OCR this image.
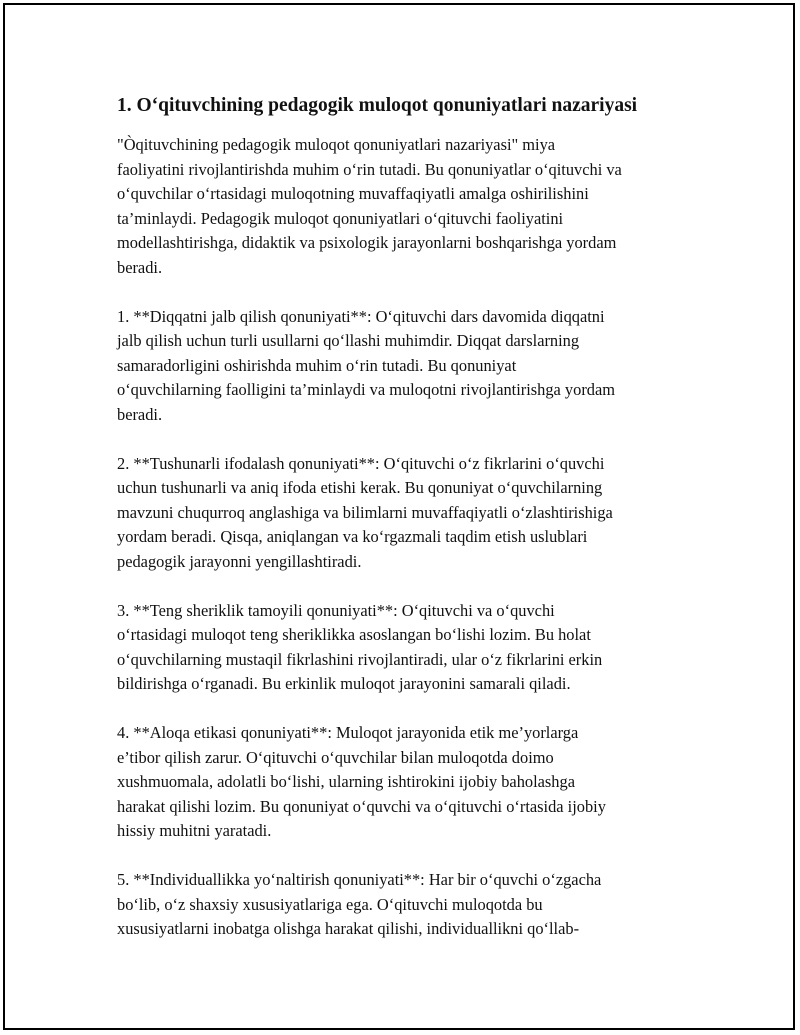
1. O‘qituvchining pedagogik muloqot qonuniyatlari nazariyasi

"Òqituvchining pedagogik muloqot qonuniyatlari nazariyasi" miya
faoliyatini rivojlantirishda muhim o‘rin tutadi. Bu qonuniyatlar o‘qituvchi va
o‘quvchilar o‘rtasidagi muloqotning muvaffaqiyatli amalga oshirilishini
ta’minlaydi. Pedagogik muloqot qonuniyatlari o‘qituvchi faoliyatini
modellashtirishga, didaktik va psixologik jarayonlarni boshqarishga yordam
beradi.

1. **Diqqatni jalb qilish qonuniyati**: O‘qituvchi dars davomida diqqatni
jalb qilish uchun turli usullarni qo‘llashi muhimdir. Diqqat darslarning
samaradorligini oshirishda muhim o‘rin tutadi. Bu qonuniyat
o‘quvchilarning faolligini ta’minlaydi va muloqotni rivojlantirishga yordam
beradi.

2. **Tushunarli ifodalash qonuniyati**: O‘qituvchi o‘z fikrlarini o‘quvchi
uchun tushunarli va aniq ifoda etishi kerak. Bu qonuniyat o‘quvchilarning
mavzuni chuqurroq anglashiga va bilimlarni muvaffaqiyatli o‘zlashtirishiga
yordam beradi. Qisqa, aniqlangan va ko‘rgazmali taqdim etish uslublari
pedagogik jarayonni yengillashtiradi.

3. **Teng sheriklik tamoyili qonuniyati**: O‘qituvchi va o‘quvchi
o‘rtasidagi muloqot teng sheriklikka asoslangan bo‘lishi lozim. Bu holat
o‘quvchilarning mustaqil fikrlashini rivojlantiradi, ular o‘z fikrlarini erkin
bildirishga o‘rganadi. Bu erkinlik muloqot jarayonini samarali qiladi.

4. **Aloqa etikasi qonuniyati**: Muloqot jarayonida etik me’yorlarga
e’tibor qilish zarur. O‘qituvchi o‘quvchilar bilan muloqotda doimo
xushmuomala, adolatli bo‘lishi, ularning ishtirokini ijobiy baholashga
harakat qilishi lozim. Bu qonuniyat o‘quvchi va o‘qituvchi o‘rtasida ijobiy
hissiy muhitni yaratadi.

5. **Individuallikka yo‘naltirish qonuniyati**: Har bir o‘quvchi o‘zgacha
bo‘lib, o‘z shaxsiy xususiyatlariga ega. O‘qituvchi muloqotda bu
xususiyatlarni inobatga olishga harakat qilishi, individuallikni qo‘llab-
